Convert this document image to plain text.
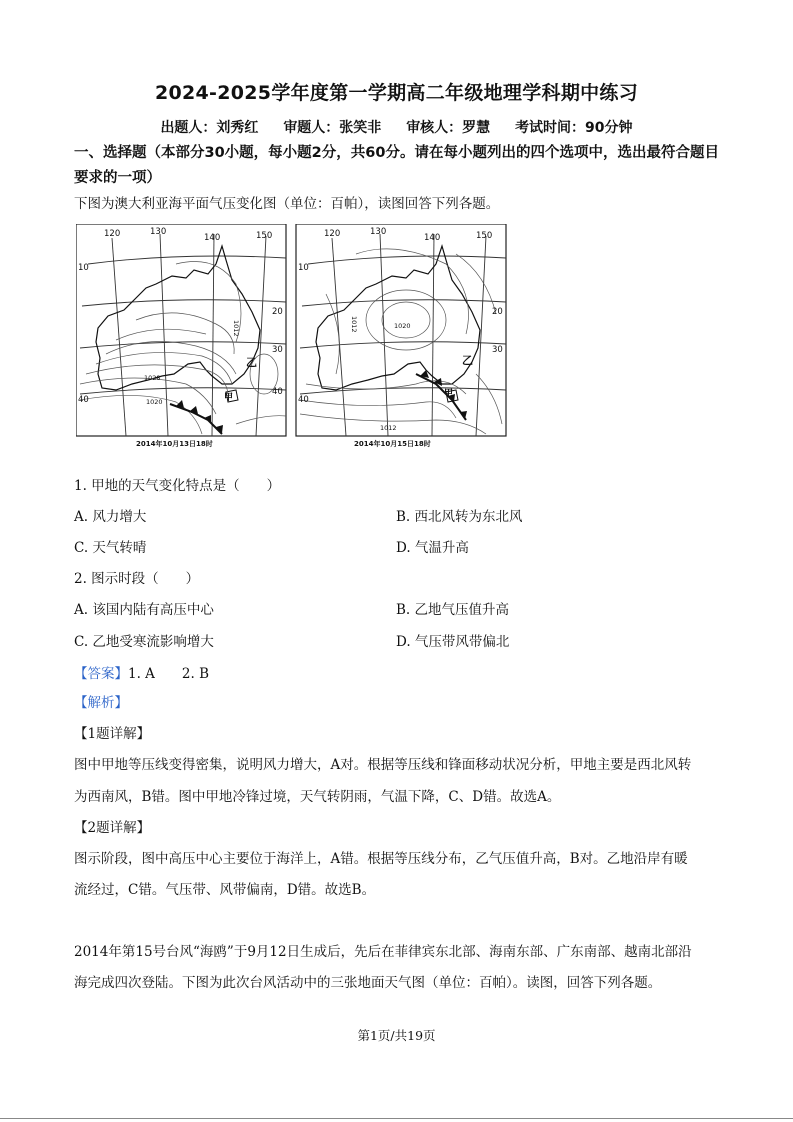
2024-2025学年度第一学期高二年级地理学科期中练习
出题人：刘秀红 审题人：张笑非 审核人：罗慧 考试时间：90分钟
一、选择题（本部分30小题，每小题2分，共60分。请在每小题列出的四个选项中，选出最符合题目要求的一项）
下图为澳大利亚海平面气压变化图（单位：百帕），读图回答下列各题。
120	130
140	150
10
20
30
40
40
1012
1028
1020
乙
甲
2014年10月13日18时
120	130
140	150
10
20
30
40
1012	1020
1012
乙
甲
2014年10月15日18时
1. 甲地的天气变化特点是（　　）
A. 风力增大	B. 西北风转为东北风
C. 天气转晴	D. 气温升高
2. 图示时段（　　）
A. 该国内陆有高压中心	B. 乙地气压值升高
C. 乙地受寒流影响增大	D. 气压带风带偏北
【答案】1. A　　2. B
【解析】
【1题详解】
图中甲地等压线变得密集，说明风力增大，A对。根据等压线和锋面移动状况分析，甲地主要是西北风转
为西南风，B错。图中甲地冷锋过境，天气转阴雨，气温下降，C、D错。故选A。
【2题详解】
图示阶段，图中高压中心主要位于海洋上，A错。根据等压线分布，乙气压值升高，B对。乙地沿岸有暖
流经过，C错。气压带、风带偏南，D错。故选B。
2014年第15号台风“海鸥”于9月12日生成后，先后在菲律宾东北部、海南东部、广东南部、越南北部沿
海完成四次登陆。下图为此次台风活动中的三张地面天气图（单位：百帕）。读图，回答下列各题。
第1页/共19页
